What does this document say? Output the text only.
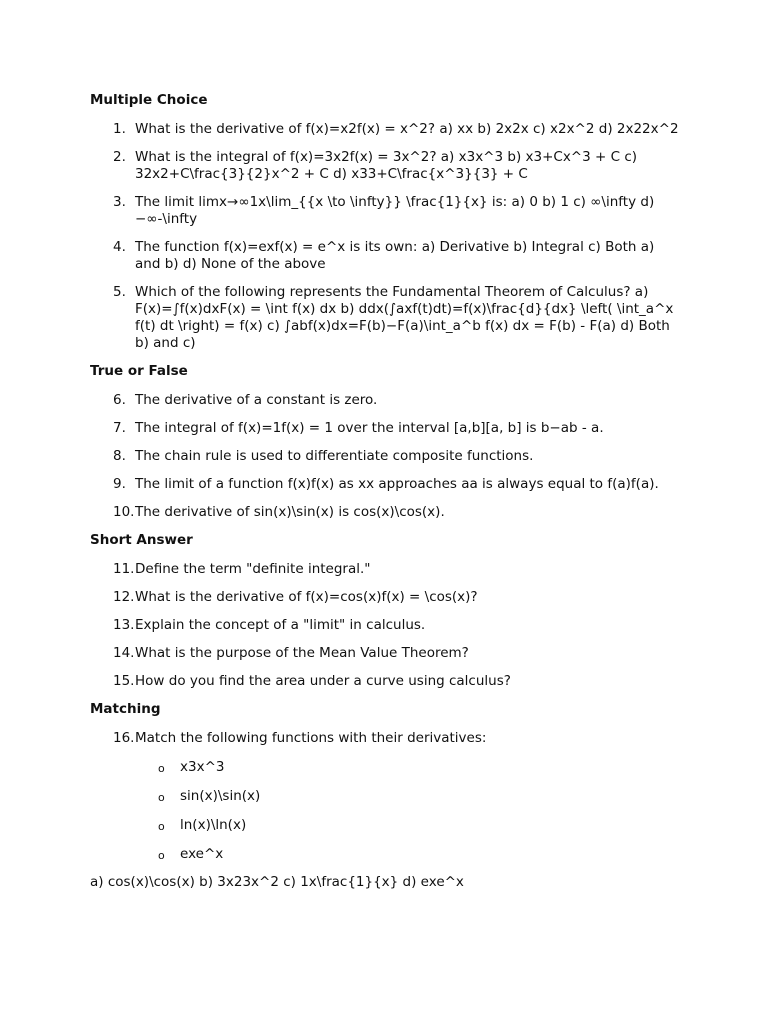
Multiple Choice
1. What is the derivative of f(x)=x2f(x) = x^2? a) xx b) 2x2x c) x2x^2 d) 2x22x^2
2. What is the integral of f(x)=3x2f(x) = 3x^2? a) x3x^3 b) x3+Cx^3 + C c) 32x2+C\frac{3}{2}x^2 + C d) x33+C\frac{x^3}{3} + C
3. The limit limx→∞1x\lim_{{x \to \infty}} \frac{1}{x} is: a) 0 b) 1 c) ∞\infty d) −∞-\infty
4. The function f(x)=exf(x) = e^x is its own: a) Derivative b) Integral c) Both a) and b) d) None of the above
5. Which of the following represents the Fundamental Theorem of Calculus? a) F(x)=∫f(x)dxF(x) = \int f(x) dx b) ddx(∫axf(t)dt)=f(x)\frac{d}{dx} \left( \int_a^x f(t) dt \right) = f(x) c) ∫abf(x)dx=F(b)−F(a)\int_a^b f(x) dx = F(b) - F(a) d) Both b) and c)
True or False
6. The derivative of a constant is zero.
7. The integral of f(x)=1f(x) = 1 over the interval [a,b][a, b] is b−ab - a.
8. The chain rule is used to differentiate composite functions.
9. The limit of a function f(x)f(x) as xx approaches aa is always equal to f(a)f(a).
10. The derivative of sin(x)\sin(x) is cos(x)\cos(x).
Short Answer
11. Define the term "definite integral."
12. What is the derivative of f(x)=cos(x)f(x) = \cos(x)?
13. Explain the concept of a "limit" in calculus.
14. What is the purpose of the Mean Value Theorem?
15. How do you find the area under a curve using calculus?
Matching
16. Match the following functions with their derivatives:
o x3x^3
o sin(x)\sin(x)
o ln(x)\ln(x)
o exe^x
a) cos(x)\cos(x) b) 3x23x^2 c) 1x\frac{1}{x} d) exe^x
